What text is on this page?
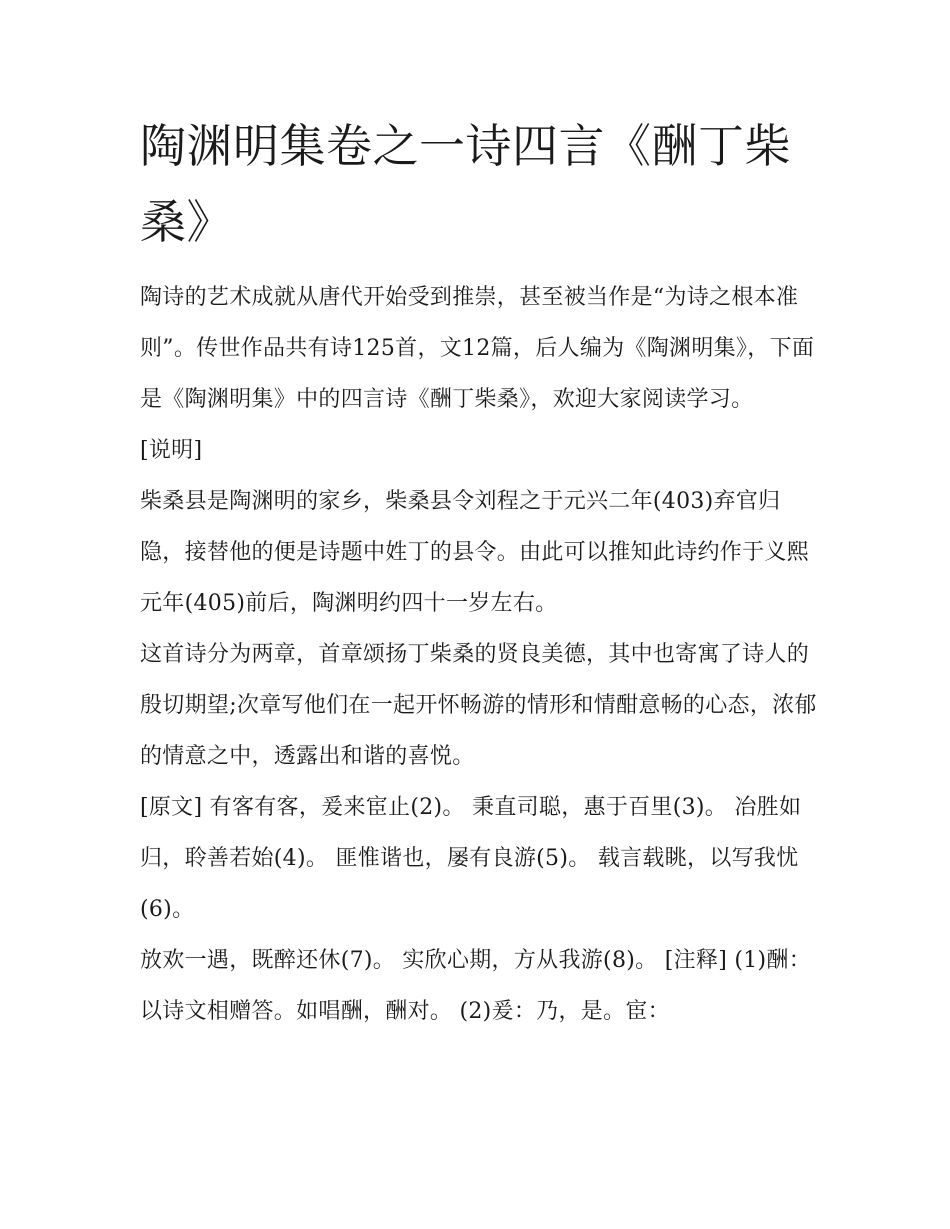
陶渊明集卷之一诗四言《酬丁柴桑》

陶诗的艺术成就从唐代开始受到推崇，甚至被当作是“为诗之根本准则”。传世作品共有诗125首，文12篇，后人编为《陶渊明集》，下面是《陶渊明集》中的四言诗《酬丁柴桑》，欢迎大家阅读学习。

[说明]

柴桑县是陶渊明的家乡，柴桑县令刘程之于元兴二年(403)弃官归隐，接替他的便是诗题中姓丁的县令。由此可以推知此诗约作于义熙元年(405)前后，陶渊明约四十一岁左右。

这首诗分为两章，首章颂扬丁柴桑的贤良美德，其中也寄寓了诗人的殷切期望;次章写他们在一起开怀畅游的情形和情酣意畅的心态，浓郁的情意之中，透露出和谐的喜悦。

[原文] 有客有客，爰来宦止(2)。 秉直司聪，惠于百里(3)。 冶胜如归，聆善若始(4)。 匪惟谐也，屡有良游(5)。 载言载眺，以写我忧(6)。

放欢一遇，既醉还休(7)。 实欣心期，方从我游(8)。 [注释] (1)酬：以诗文相赠答。如唱酬，酬对。 (2)爰：乃，是。宦：
